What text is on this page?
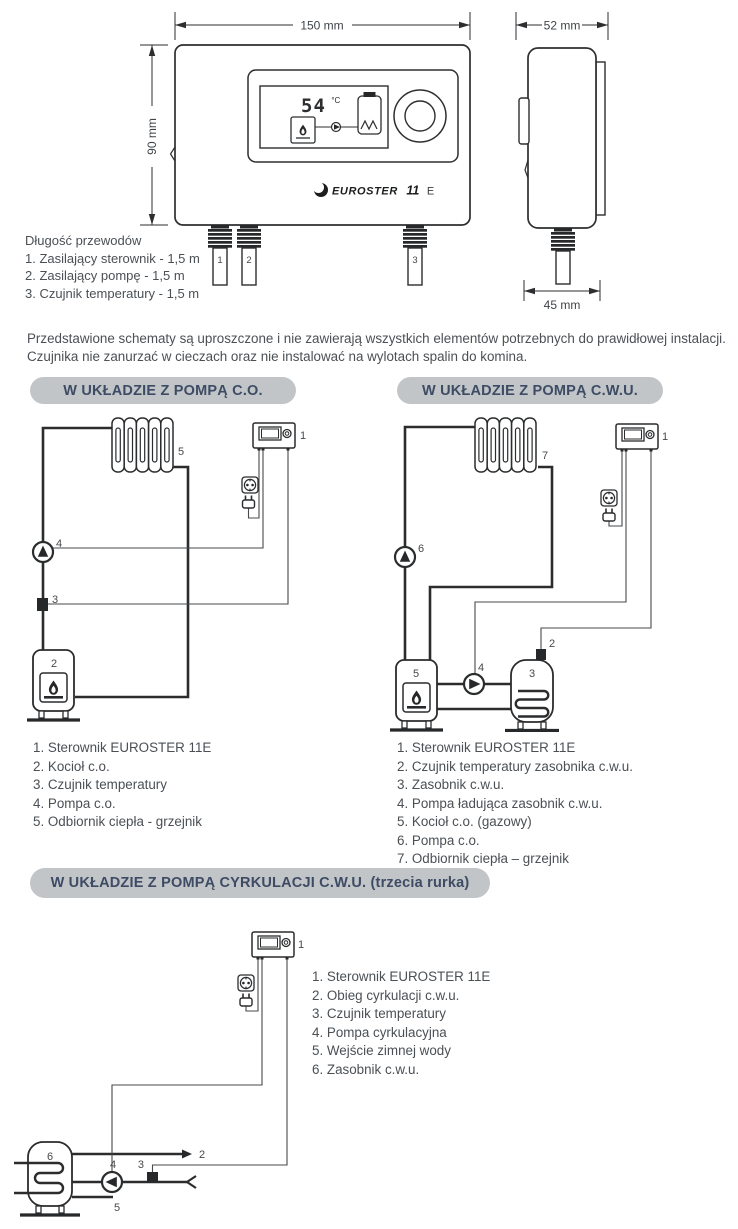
54 $^{^\circ C}$
EUROSTER 11 E
1 2	3
150 mm
90 mm
52 mm
45 mm
Długość przewodów
1. Zasilający sterownik - 1,5 m
2. Zasilający pompę - 1,5 m
3. Czujnik temperatury - 1,5 m
Przedstawione schematy są uproszczone i nie zawierają wszystkich elementów potrzebnych do prawidłowej instalacji.
Czujnika nie zanurzać w cieczach oraz nie instalować na wylotach spalin do komina.
W UKŁADZIE Z POMPĄ C.O.	W UKŁADZIE Z POMPĄ C.W.U.
1
2
3
4
5
1
2
3
4
5
6
7
1. Sterownik EUROSTER 11E
2. Kocioł c.o.
3. Czujnik temperatury
4. Pompa c.o.
5. Odbiornik ciepła - grzejnik
1. Sterownik EUROSTER 11E
2. Czujnik temperatury zasobnika c.w.u.
3. Zasobnik c.w.u.
4. Pompa ładująca zasobnik c.w.u.
5. Kocioł c.o. (gazowy)
6. Pompa c.o.
7. Odbiornik ciepła – grzejnik
W UKŁADZIE Z POMPĄ CYRKULACJI C.W.U. (trzecia rurka)
1
2
3
4
5
6
1. Sterownik EUROSTER 11E
2. Obieg cyrkulacji c.w.u.
3. Czujnik temperatury
4. Pompa cyrkulacyjna
5. Wejście zimnej wody
6. Zasobnik c.w.u.
